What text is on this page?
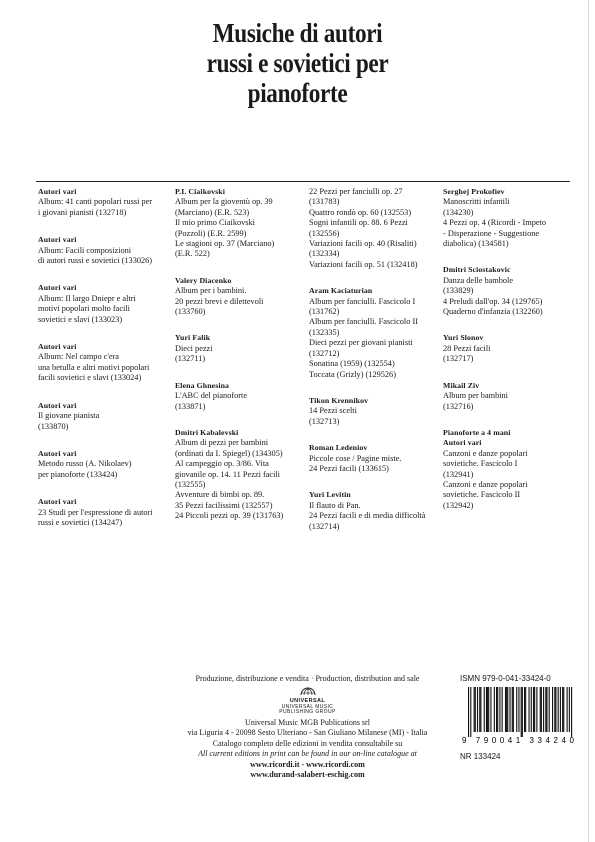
Musiche di autori
russi e sovietici per
pianoforte
Autori vari
Album: 41 canti popolari russi per
i giovani pianisti (132718)
Autori vari
Album: Facili composizioni
di autori russi e sovietici (133026)
Autori vari
Album: Il largo Dniepr e altri
motivi popolari molto facili
sovietici e slavi (133023)
Autori vari
Album: Nel campo c'era
una betulla e altri motivi popolari
facili sovietici e slavi (133024)
Autori vari
Il giovane pianista
(133870)
Autori vari
Metodo russo (A. Nikolaev)
per pianoforte (133424)
Autori vari
23 Studi per l'espressione di autori
russi e sovietici (134247)
P.I. Ciaikovski
Album per la gioventù op. 39
(Marciano) (E.R. 523)
Il mio primo Ciaikovski
(Pozzoli) (E.R. 2599)
Le stagioni op. 37 (Marciano)
(E.R. 522)
Valery Diacenko
Album per i bambini.
20 pezzi brevi e dilettevoli
(133760)
Yuri Falik
Dieci pezzi
(132711)
Elena Ghnesina
L'ABC del pianoforte
(133871)
Dmitri Kabalevski
Album di pezzi per bambini
(ordinati da I. Spiegel) (134305)
Al campeggio op. 3/86. Vita
giovanile op. 14. 11 Pezzi facili
(132555)
Avventure di bimbi op. 89.
35 Pezzi facilissimi (132557)
24 Piccoli pezzi op. 39 (131763)
22 Pezzi per fanciulli op. 27
(131783)
Quattro rondò op. 60 (132553)
Sogni infantili op. 88. 6 Pezzi
(132556)
Variazioni facili op. 40 (Risaliti)
(132334)
Variazioni facili op. 51 (132418)
Aram Kaciaturian
Album per fanciulli. Fascicolo I
(131762)
Album per fanciulli. Fascicolo II
(132335)
Dieci pezzi per giovani pianisti
(132712)
Sonatina (1959) (132554)
Toccata (Grizly) (129526)
Tikon Krennikov
14 Pezzi scelti
(132713)
Roman Ledeniov
Piccole cose / Pagine miste.
24 Pezzi facili (133615)
Yuri Levitin
Il flauto di Pan.
24 Pezzi facili e di media difficoltà
(132714)
Serghej Prokofiev
Manoscritti infantili
(134230)
4 Pezzi op. 4 (Ricordi - Impeto
- Disperazione - Suggestione
diabolica) (134581)
Dmitri Sciostakovic
Danza delle bambole
(133829)
4 Preludi dall'op. 34 (129765)
Quaderno d'infanzia (132260)
Yuri Slonov
28 Pezzi facili
(132717)
Mikail Ziv
Album per bambini
(132716)
Pianoforte a 4 mani
Autori vari
Canzoni e danze popolari
sovietiche. Fascicolo I
(132941)
Canzoni e danze popolari
sovietiche. Fascicolo II
(132942)
Produzione, distribuzione e vendita · Production, distribution and sale
UNIVERSAL
UNIVERSAL MUSIC
PUBLISHING GROUP
Universal Music MGB Publications srl
via Liguria 4 - 20098 Sesto Ulteriano - San Giuliano Milanese (MI) - Italia
Catalogo completo delle edizioni in vendita consultabile su
All current editions in print can be found in our on-line catalogue at
www.ricordi.it - www.ricordi.com
www.durand-salabert-eschig.com
ISMN 979-0-041-33424-0
9 790041 334240
NR 133424
